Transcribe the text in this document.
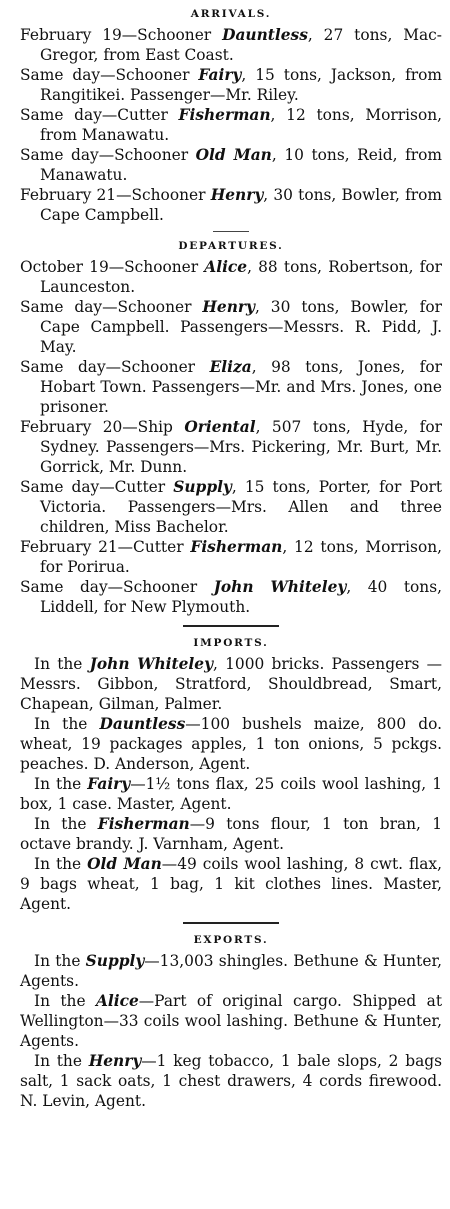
ARRIVALS.

February 19—Schooner Dauntless, 27 tons, Mac-Gregor, from East Coast.

Same day—Schooner Fairy, 15 tons, Jackson, from Rangitikei. Passenger—Mr. Riley.

Same day—Cutter Fisherman, 12 tons, Morrison, from Manawatu.

Same day—Schooner Old Man, 10 tons, Reid, from Manawatu.

February 21—Schooner Henry, 30 tons, Bowler, from Cape Campbell.

DEPARTURES.

October 19—Schooner Alice, 88 tons, Robertson, for Launceston.

Same day—Schooner Henry, 30 tons, Bowler, for Cape Campbell. Passengers—Messrs. R. Pidd, J. May.

Same day—Schooner Eliza, 98 tons, Jones, for Hobart Town. Passengers—Mr. and Mrs. Jones, one prisoner.

February 20—Ship Oriental, 507 tons, Hyde, for Sydney. Passengers—Mrs. Pickering, Mr. Burt, Mr. Gorrick, Mr. Dunn.

Same day—Cutter Supply, 15 tons, Porter, for Port Victoria. Passengers—Mrs. Allen and three children, Miss Bachelor.

February 21—Cutter Fisherman, 12 tons, Morrison, for Porirua.

Same day—Schooner John Whiteley, 40 tons, Liddell, for New Plymouth.

IMPORTS.

In the John Whiteley, 1000 bricks. Passengers —Messrs. Gibbon, Stratford, Shouldbread, Smart, Chapean, Gilman, Palmer.

In the Dauntless—100 bushels maize, 800 do. wheat, 19 packages apples, 1 ton onions, 5 pckgs. peaches. D. Anderson, Agent.

In the Fairy—1½ tons flax, 25 coils wool lashing, 1 box, 1 case. Master, Agent.

In the Fisherman—9 tons flour, 1 ton bran, 1 octave brandy. J. Varnham, Agent.

In the Old Man—49 coils wool lashing, 8 cwt. flax, 9 bags wheat, 1 bag, 1 kit clothes lines. Master, Agent.

EXPORTS.

In the Supply—13,003 shingles. Bethune & Hunter, Agents.

In the Alice—Part of original cargo. Shipped at Wellington—33 coils wool lashing. Bethune & Hunter, Agents.

In the Henry—1 keg tobacco, 1 bale slops, 2 bags salt, 1 sack oats, 1 chest drawers, 4 cords firewood. N. Levin, Agent.
